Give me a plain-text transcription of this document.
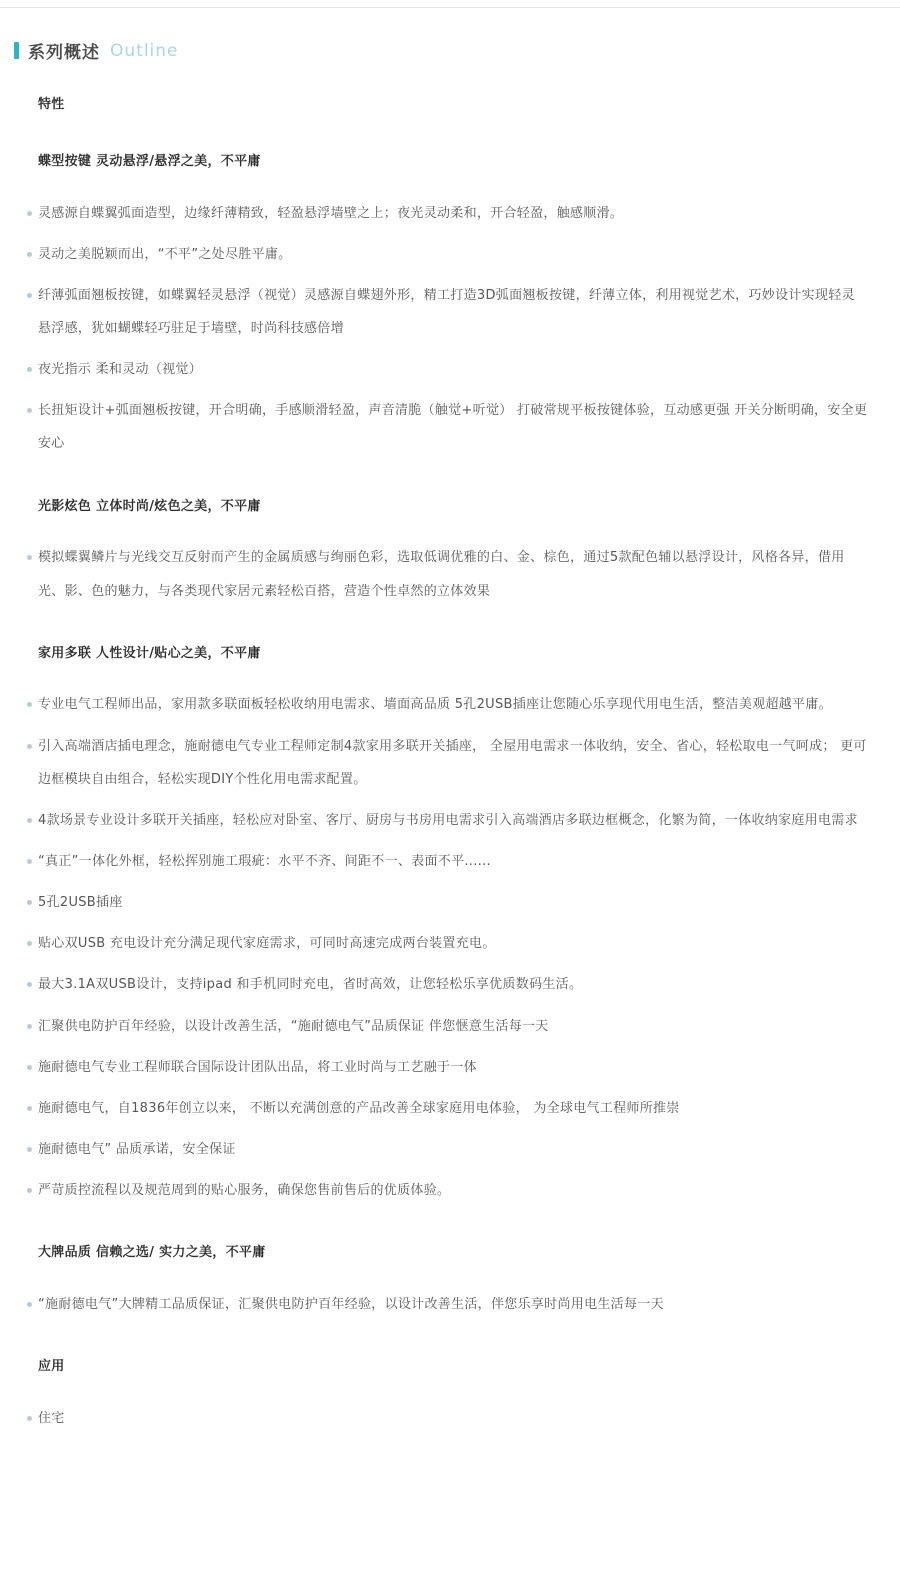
系列概述 Outline
特性
蝶型按键 灵动悬浮/悬浮之美，不平庸
灵感源自蝶翼弧面造型，边缘纤薄精致，轻盈悬浮墙壁之上；夜光灵动柔和，开合轻盈，触感顺滑。
灵动之美脱颖而出，“不平”之处尽胜平庸。
纤薄弧面翘板按键，如蝶翼轻灵悬浮（视觉）灵感源自蝶翅外形，精工打造3D弧面翘板按键，纤薄立体，利用视觉艺术，巧妙设计实现轻灵悬浮感，犹如蝴蝶轻巧驻足于墙壁，时尚科技感倍增
夜光指示 柔和灵动（视觉）
长扭矩设计+弧面翘板按键，开合明确，手感顺滑轻盈，声音清脆（触觉+听觉） 打破常规平板按键体验，互动感更强 开关分断明确，安全更安心
光影炫色 立体时尚/炫色之美，不平庸
模拟蝶翼鳞片与光线交互反射而产生的金属质感与绚丽色彩，选取低调优雅的白、金、棕色，通过5款配色辅以悬浮设计，风格各异，借用光、影、色的魅力，与各类现代家居元素轻松百搭，营造个性卓然的立体效果
家用多联 人性设计/贴心之美，不平庸
专业电气工程师出品，家用款多联面板轻松收纳用电需求、墙面高品质 5孔2USB插座让您随心乐享现代用电生活，整洁美观超越平庸。
引入高端酒店插电理念，施耐德电气专业工程师定制4款家用多联开关插座， 全屋用电需求一体收纳，安全、省心，轻松取电一气呵成； 更可边框模块自由组合，轻松实现DIY个性化用电需求配置。
4款场景专业设计多联开关插座，轻松应对卧室、客厅、厨房与书房用电需求引入高端酒店多联边框概念，化繁为简，一体收纳家庭用电需求
“真正”一体化外框，轻松挥别施工瑕疵：水平不齐、间距不一、表面不平......
5孔2USB插座
贴心双USB 充电设计充分满足现代家庭需求，可同时高速完成两台装置充电。
最大3.1A双USB设计，支持ipad 和手机同时充电，省时高效，让您轻松乐享优质数码生活。
汇聚供电防护百年经验，以设计改善生活，“施耐德电气”品质保证 伴您惬意生活每一天
施耐德电气专业工程师联合国际设计团队出品，将工业时尚与工艺融于一体
施耐德电气，自1836年创立以来， 不断以充满创意的产品改善全球家庭用电体验， 为全球电气工程师所推崇
施耐德电气” 品质承诺，安全保证
严苛质控流程以及规范周到的贴心服务，确保您售前售后的优质体验。
大牌品质 信赖之选/ 实力之美，不平庸
“施耐德电气”大牌精工品质保证，汇聚供电防护百年经验，以设计改善生活，伴您乐享时尚用电生活每一天
应用
住宅
